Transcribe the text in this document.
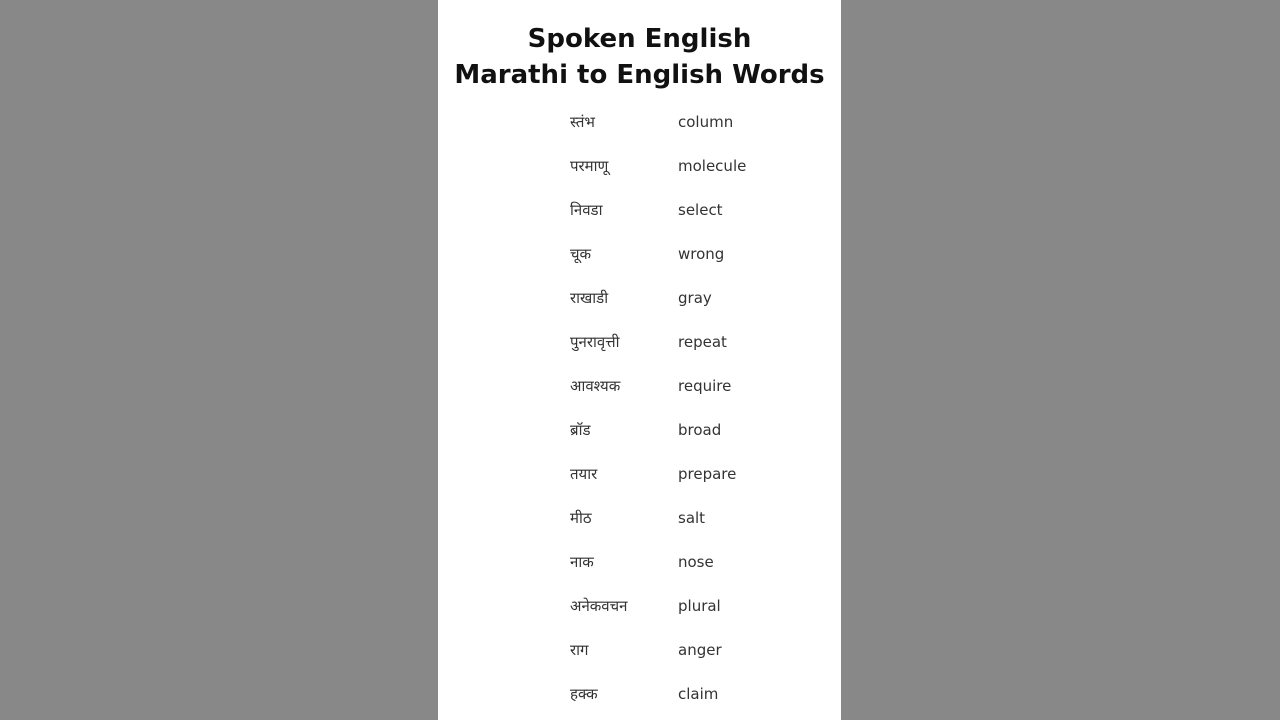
Spoken English
Marathi to English Words
स्तंभ	column
परमाणू	molecule
निवडा	select
चूक	wrong
राखाडी	gray
पुनरावृत्ती	repeat
आवश्यक	require
ब्रॉड	broad
तयार	prepare
मीठ	salt
नाक	nose
अनेकवचन	plural
राग	anger
हक्क	claim
